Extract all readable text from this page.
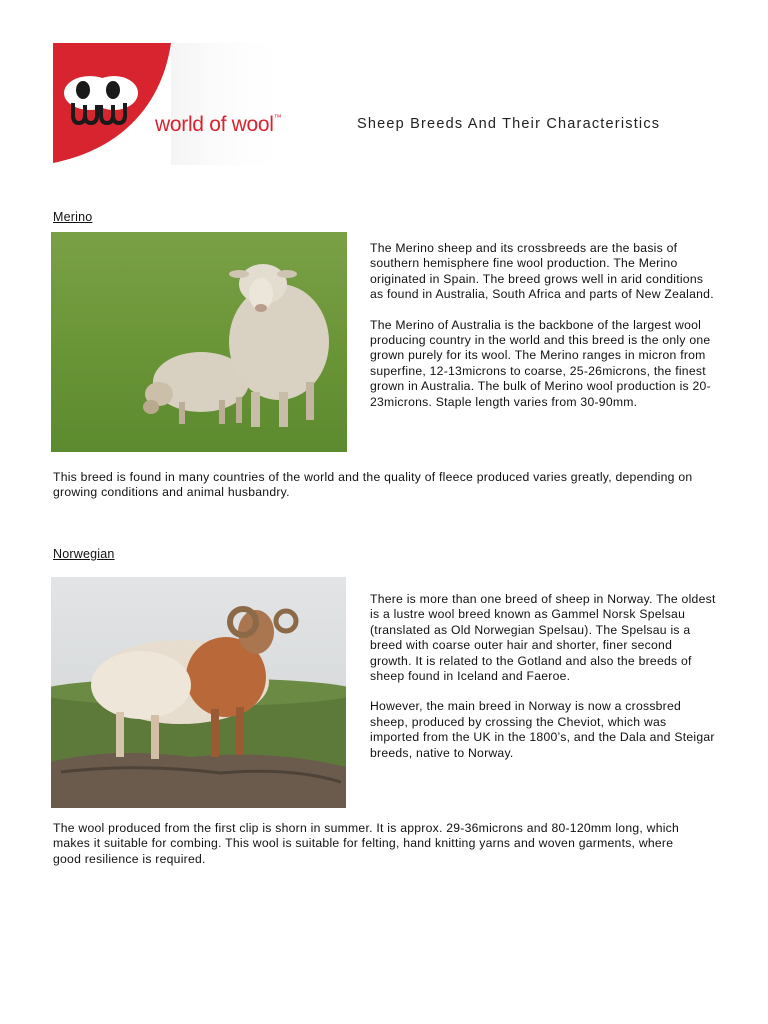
world of wool™	Sheep Breeds And Their Characteristics
Merino

The Merino sheep and its crossbreeds are the basis of southern hemisphere fine wool production. The Merino originated in Spain. The breed grows well in arid conditions as found in Australia, South Africa and parts of New Zealand.

The Merino of Australia is the backbone of the largest wool producing country in the world and this breed is the only one grown purely for its wool. The Merino ranges in micron from superfine, 12-13microns to coarse, 25-26microns, the finest grown in Australia. The bulk of Merino wool production is 20-23microns. Staple length varies from 30-90mm.

This breed is found in many countries of the world and the quality of fleece produced varies greatly, depending on growing conditions and animal husbandry.

Norwegian

There is more than one breed of sheep in Norway. The oldest is a lustre wool breed known as Gammel Norsk Spelsau (translated as Old Norwegian Spelsau). The Spelsau is a breed with coarse outer hair and shorter, finer second growth. It is related to the Gotland and also the breeds of sheep found in Iceland and Faeroe.

However, the main breed in Norway is now a crossbred sheep, produced by crossing the Cheviot, which was imported from the UK in the 1800’s, and the Dala and Steigar breeds, native to Norway.

The wool produced from the first clip is shorn in summer. It is approx. 29-36microns and 80-120mm long, which makes it suitable for combing. This wool is suitable for felting, hand knitting yarns and woven garments, where good resilience is required.
